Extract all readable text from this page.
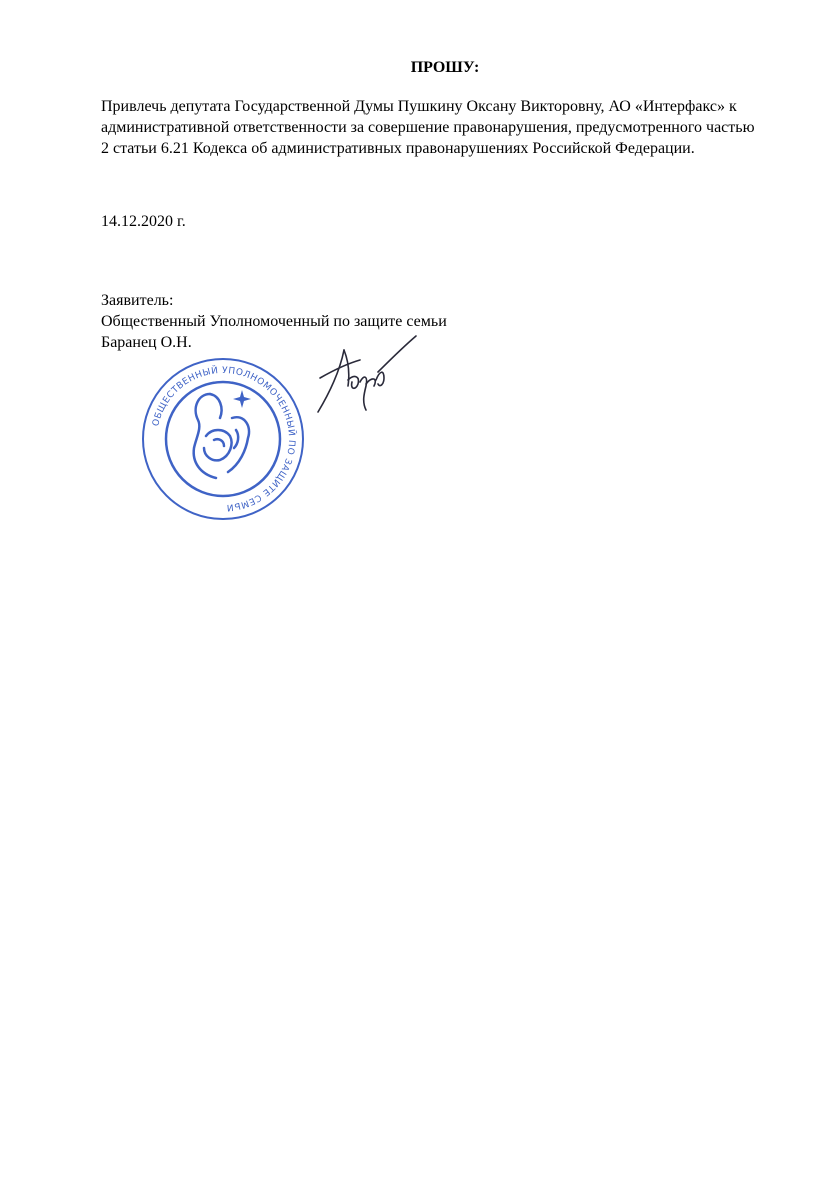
ПРОШУ:
Привлечь депутата Государственной Думы Пушкину Оксану Викторовну, АО «Интерфакс» к
административной ответственности за совершение правонарушения, предусмотренного частью
2 статьи 6.21 Кодекса об административных правонарушениях Российской Федерации.
14.12.2020 г.
Заявитель:
Общественный Уполномоченный по защите семьи
Баранец О.Н.
ОБЩЕСТВЕННЫЙ УПОЛНОМОЧЕННЫЙ ПО ЗАЩИТЕ СЕМЬИ
